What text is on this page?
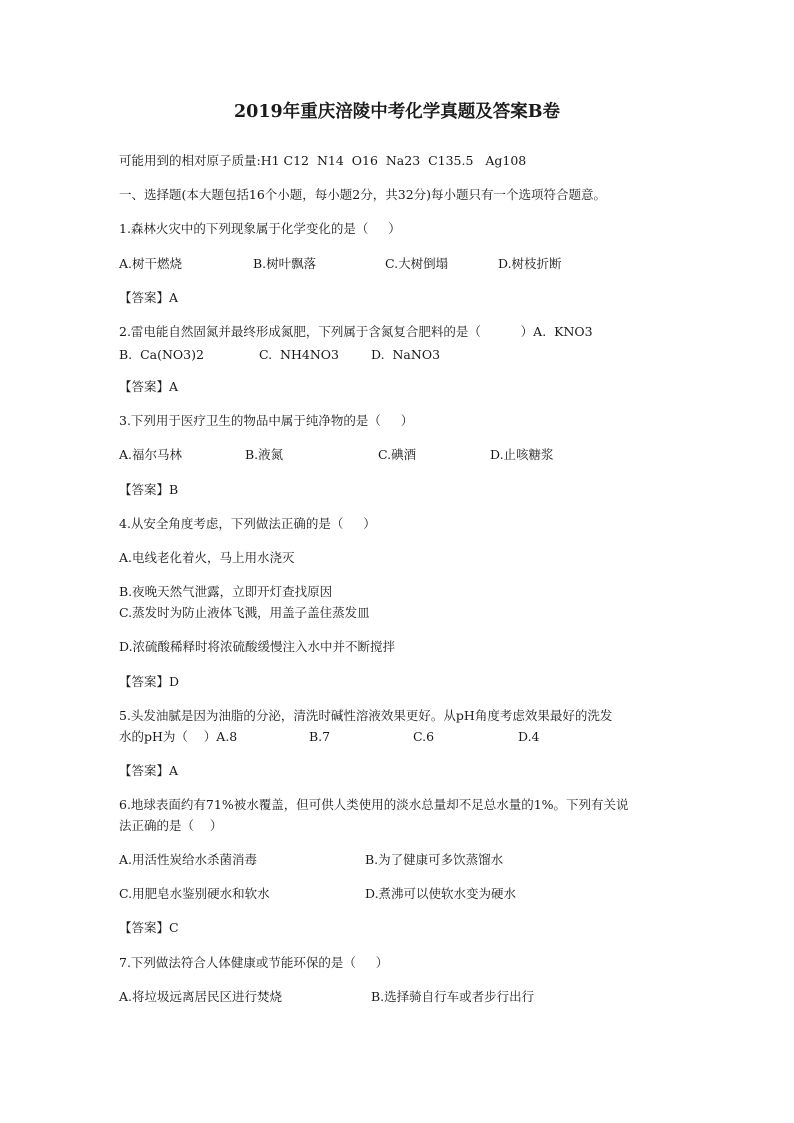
2019年重庆涪陵中考化学真题及答案B卷
可能用到的相对原子质量:H1 C12  N14  O16  Na23  C135.5   Ag108
一、选择题(本大题包括16个小题，每小题2分，共32分)每小题只有一个选项符合题意。
1.森林火灾中的下列现象属于化学变化的是（     ）
A.树干燃烧	B.树叶飘落	C.大树倒塌	D.树枝折断
【答案】A
2.雷电能自然固氮并最终形成氮肥，下列属于含氮复合肥料的是（          ）A.  KNO3
B.  Ca(NO3)2	C.  NH4NO3	D.  NaNO3
【答案】A
3.下列用于医疗卫生的物品中属于纯净物的是（     ）
A.福尔马林	B.液氮	C.碘酒	D.止咳糖浆
【答案】B
4.从安全角度考虑，下列做法正确的是（     ）
A.电线老化着火，马上用水浇灭
B.夜晚天然气泄露，立即开灯查找原因
C.蒸发时为防止液体飞溅，用盖子盖住蒸发皿
D.浓硫酸稀释时将浓硫酸缓慢注入水中并不断搅拌
【答案】D
5.头发油腻是因为油脂的分泌，清洗时碱性溶液效果更好。从pH角度考虑效果最好的洗发
水的pH为（    ）A.8	B.7	C.6	D.4
【答案】A
6.地球表面约有71%被水覆盖，但可供人类使用的淡水总量却不足总水量的1%。下列有关说
法正确的是（    ）
A.用活性炭给水杀菌消毒	B.为了健康可多饮蒸馏水
C.用肥皂水鉴别硬水和软水	D.煮沸可以使软水变为硬水
【答案】C
7.下列做法符合人体健康或节能环保的是（     ）
A.将垃圾远离居民区进行焚烧	B.选择骑自行车或者步行出行
